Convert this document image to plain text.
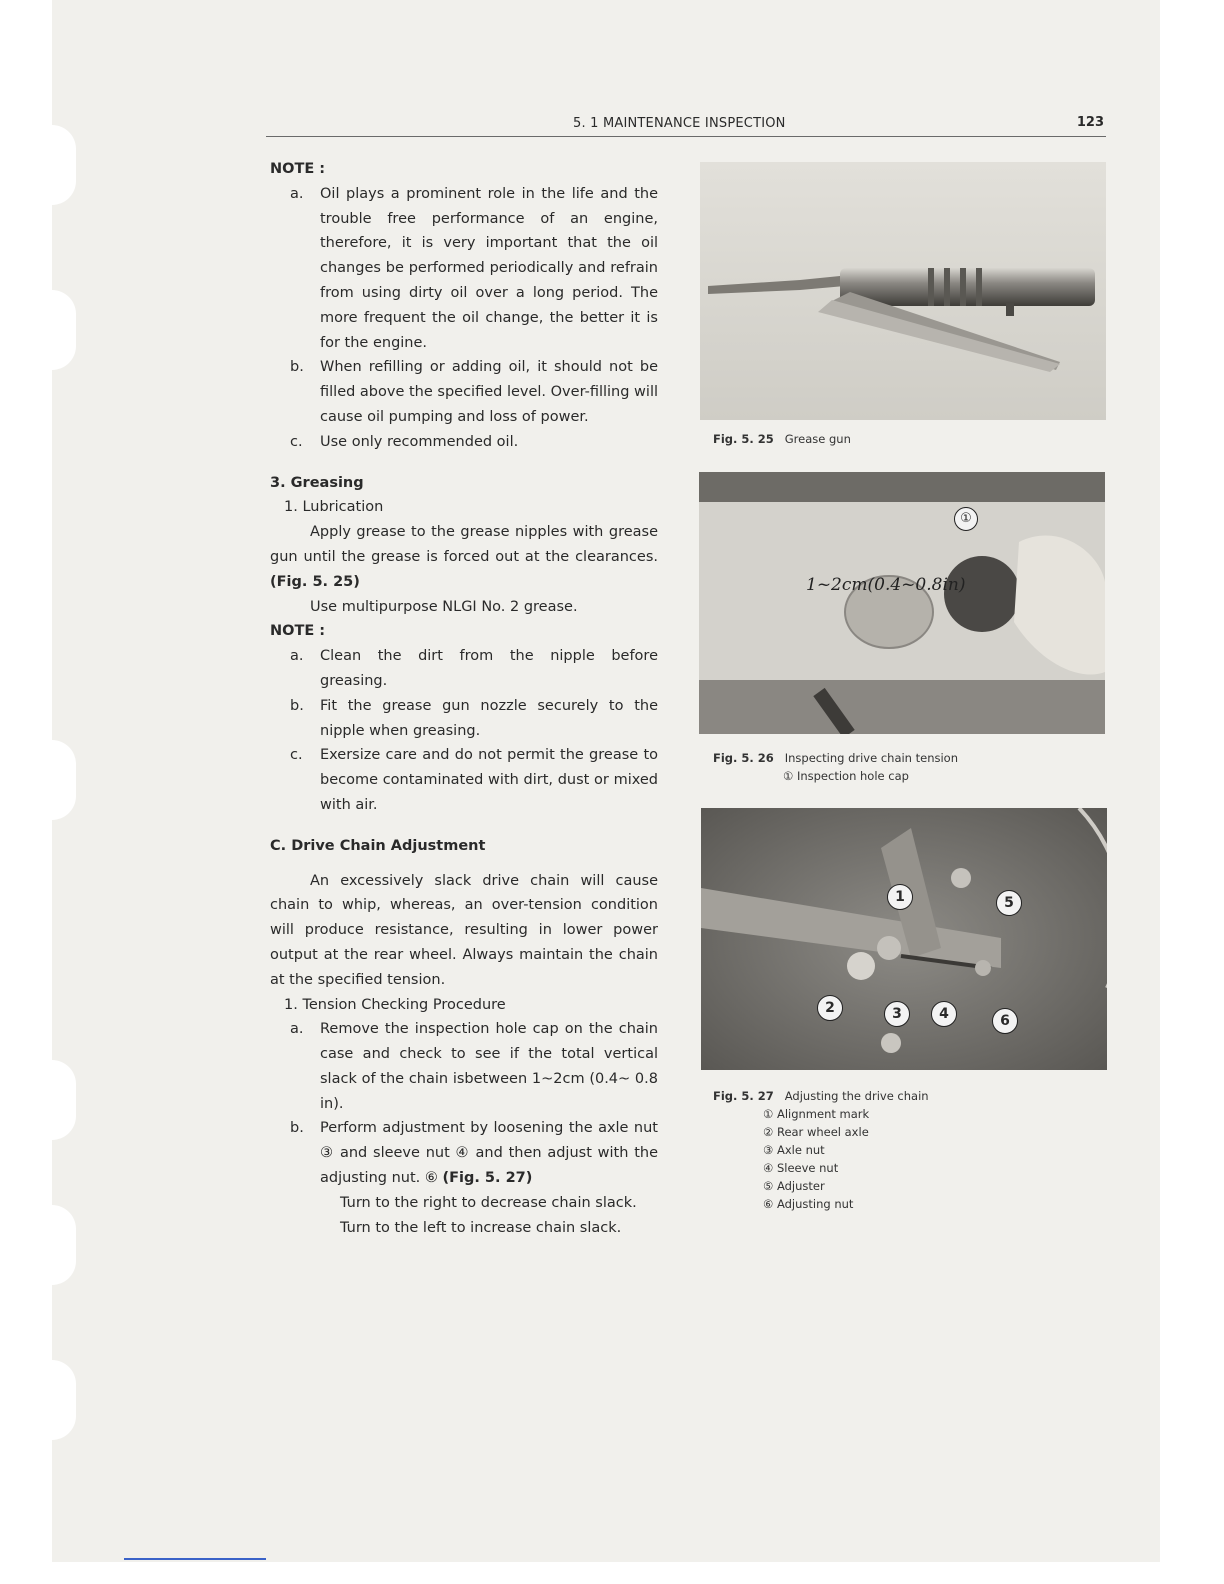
5. 1 MAINTENANCE INSPECTION	123

NOTE :

a. Oil plays a prominent role in the life and the trouble free performance of an engine, therefore, it is very important that the oil changes be performed periodically and refrain from using dirty oil over a long period. The more frequent the oil change, the better it is for the engine.
b. When refilling or adding oil, it should not be filled above the specified level. Over-filling will cause oil pumping and loss of power.
c. Use only recommended oil.

3. Greasing

1. Lubrication

Apply grease to the grease nipples with grease gun until the grease is forced out at the clearances. (Fig. 5. 25)

Use multipurpose NLGI No. 2 grease.

NOTE :

a. Clean the dirt from the nipple before greasing.
b. Fit the grease gun nozzle securely to the nipple when greasing.
c. Exersize care and do not permit the grease to become contaminated with dirt, dust or mixed with air.

C. Drive Chain Adjustment

An excessively slack drive chain will cause chain to whip, whereas, an over-tension condition will produce resistance, resulting in lower power output at the rear wheel. Always maintain the chain at the specified tension.

1. Tension Checking Procedure

a. Remove the inspection hole cap on the chain case and check to see if the total vertical slack of the chain isbetween 1~2cm (0.4~ 0.8 in).
b. Perform adjustment by loosening the axle nut ③ and sleeve nut ④ and then adjust with the adjusting nut. ⑥ (Fig. 5. 27)

Turn to the right to decrease chain slack.

Turn to the left to increase chain slack.

Fig. 5. 25 Grease gun

①
1~2cm(0.4~0.8in)

Fig. 5. 26 Inspecting drive chain tension

① Inspection hole cap

1
2	3	4
5
6

Fig. 5. 27 Adjusting the drive chain

① Alignment mark

② Rear wheel axle

③ Axle nut

④ Sleeve nut

⑤ Adjuster

⑥ Adjusting nut
